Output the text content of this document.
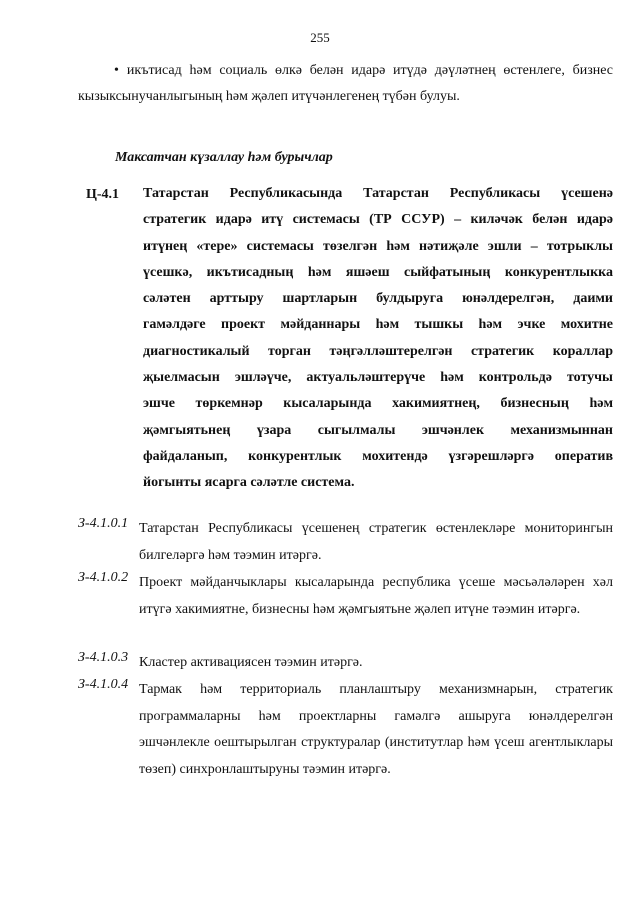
255
• икътисад һәм социаль өлкә белән идарә итүдә дәүләтнең өстенлеге, бизнес кызыксынучанлыгының һәм җәлеп итүчәнлегенең түбән булуы.
Максатчан күзаллау һәм бурычлар
Ц-4.1 Татарстан Республикасында Татарстан Республикасы үсешенә
стратегик идарә итү системасы (ТР ССУР) – киләчәк белән идарә
итүнең «тере» системасы төзелгән һәм нәтиҗәле эшли – тотрыклы
үсешкә, икътисадның һәм яшәеш сыйфатының конкурентлыкка
сәләтен арттыру шартларын булдыруга юнәлдерелгән, даими
гамәлдәге проект мәйданнары һәм тышкы һәм эчке мохитне
диагностикалый торган тәңгәлләштерелгән стратегик кораллар
җыелмасын эшләүче, актуальләштерүче һәм контрольдә тотучы
эшче төркемнәр кысаларында хакимиятнең, бизнесның һәм
җәмгыятьнең үзара сыгылмалы эшчәнлек механизмыннан
файдаланып, конкурентлык мохитендә үзгәрешләргә оператив
йогынты ясарга сәләтле система.
З-4.1.0.1 Татарстан Республикасы үсешенең стратегик өстенлекләре мониторингын билгеләргә һәм тәэмин итәргә.
З-4.1.0.2 Проект мәйданчыклары кысаларында республика үсеше мәсьәләләрен хәл итүгә хакимиятне, бизнесны һәм җәмгыятьне җәлеп итүне тәэмин итәргә.
З-4.1.0.3 Кластер активациясен тәэмин итәргә.
З-4.1.0.4 Тармак һәм территориаль планлаштыру механизмнарын, стратегик программаларны һәм проектларны гамәлгә ашыруга юнәлдерелгән эшчәнлекле оештырылган структуралар (институтлар һәм үсеш агентлыклары төзеп) синхронлаштыруны тәэмин итәргә.
